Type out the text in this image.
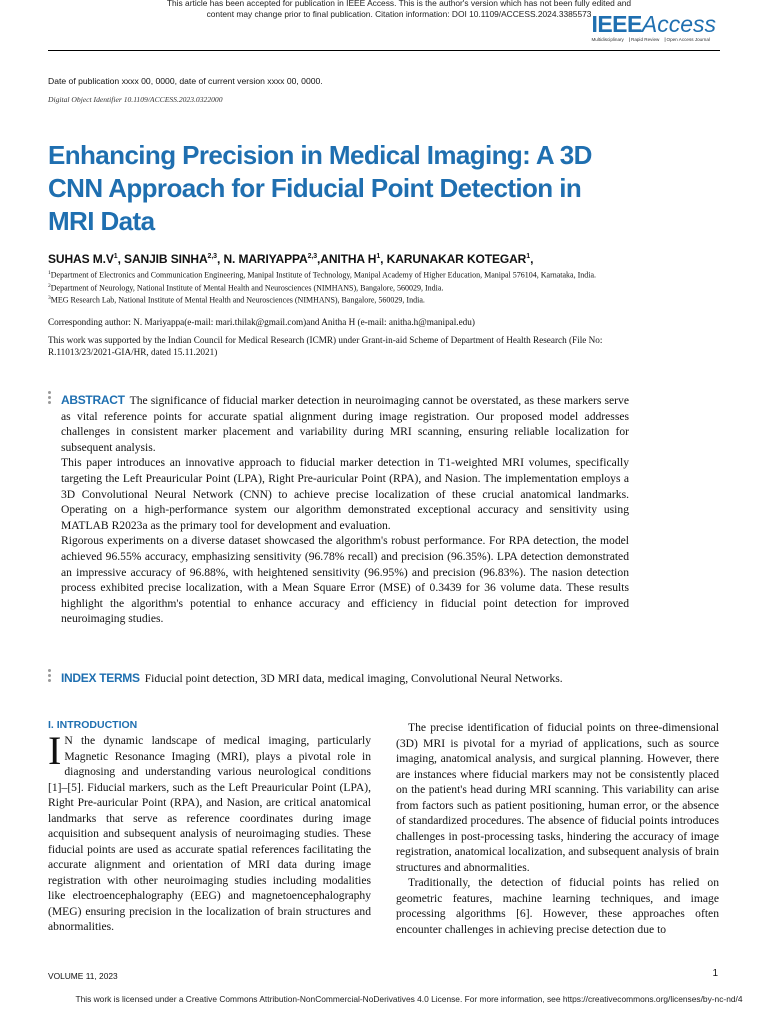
This article has been accepted for publication in IEEE Access. This is the author's version which has not been fully edited and
content may change prior to final publication. Citation information: DOI 10.1109/ACCESS.2024.3385573 IEEEAccess
Multidisciplinary ⎹ Rapid Review ⎹ Open Access Journal
Date of publication xxxx 00, 0000, date of current version xxxx 00, 0000.
Digital Object Identifier 10.1109/ACCESS.2023.0322000
Enhancing Precision in Medical Imaging: A 3D CNN Approach for Fiducial Point Detection in MRI Data
SUHAS $M.V^1$, SANJIB SINHA$^{2,3}$, N. MARIYAPPA$^{2,3}$,ANITHA $H^1$, KARUNAKAR KOTEGAR$^1$,
$^1$Department of Electronics and Communication Engineering, Manipal Institute of Technology, Manipal Academy of Higher Education, Manipal 576104, Karnataka, India.
$^2$Department of Neurology, National Institute of Mental Health and Neurosciences (NIMHANS), Bangalore, 560029, India.
$^3$MEG Research Lab, National Institute of Mental Health and Neurosciences (NIMHANS), Bangalore, 560029, India.
Corresponding author: N. Mariyappa(e-mail: mari.thilak@gmail.com)and Anitha H (e-mail: anitha.h@manipal.edu)
This work was supported by the Indian Council for Medical Research (ICMR) under Grant-in-aid Scheme of Department of Health Research (File No: R.11013/23/2021-GIA/HR, dated 15.11.2021)

ABSTRACT The significance of fiducial marker detection in neuroimaging cannot be overstated, as these markers serve as vital reference points for accurate spatial alignment during image registration. Our proposed model addresses challenges in consistent marker placement and variability during MRI scanning, ensuring reliable localization for subsequent analysis.

This paper introduces an innovative approach to fiducial marker detection in T1-weighted MRI volumes, specifically targeting the Left Preauricular Point (LPA), Right Pre-auricular Point (RPA), and Nasion. The implementation employs a 3D Convolutional Neural Network (CNN) to achieve precise localization of these crucial anatomical landmarks. Operating on a high-performance system our algorithm demonstrated exceptional accuracy and sensitivity using MATLAB R2023a as the primary tool for development and evaluation.

Rigorous experiments on a diverse dataset showcased the algorithm's robust performance. For RPA detection, the model achieved 96.55% accuracy, emphasizing sensitivity (96.78% recall) and precision (96.35%). LPA detection demonstrated an impressive accuracy of 96.88%, with heightened sensitivity (96.95%) and precision (96.83%). The nasion detection process exhibited precise localization, with a Mean Square Error (MSE) of 0.3439 for 36 volume data. These results highlight the algorithm's potential to enhance accuracy and efficiency in fiducial point detection for improved neuroimaging studies.

INDEX TERMS Fiducial point detection, 3D MRI data, medical imaging, Convolutional Neural Networks.
I. INTRODUCTION

I N the dynamic landscape of medical imaging, particularly Magnetic Resonance Imaging (MRI), plays a pivotal role in diagnosing and understanding various neurological conditions [1]–[5]. Fiducial markers, such as the Left Preauricular Point (LPA), Right Pre-auricular Point (RPA), and Nasion, are critical anatomical landmarks that serve as reference coordinates during image acquisition and subsequent analysis of neuroimaging studies. These fiducial points are used as accurate spatial references facilitating the accurate alignment and orientation of MRI data during image registration with other neuroimaging studies including modalities like electroencephalography (EEG) and magnetoencephalography (MEG) ensuring precision in the localization of brain structures and abnormalities.

The precise identification of fiducial points on three-dimensional (3D) MRI is pivotal for a myriad of applications, such as source imaging, anatomical analysis, and surgical planning. However, there are instances where fiducial markers may not be consistently placed on the patient's head during MRI scanning. This variability can arise from factors such as patient positioning, human error, or the absence of standardized procedures. The absence of fiducial points introduces challenges in post-processing tasks, hindering the accuracy of image registration, anatomical localization, and subsequent analysis of brain structures and abnormalities.

Traditionally, the detection of fiducial points has relied on geometric features, machine learning techniques, and image processing algorithms [6]. However, these approaches often encounter challenges in achieving precise detection due to

VOLUME 11, 2023	1
This work is licensed under a Creative Commons Attribution-NonCommercial-NoDerivatives 4.0 License. For more information, see https://creativecommons.org/licenses/by-nc-nd/4
